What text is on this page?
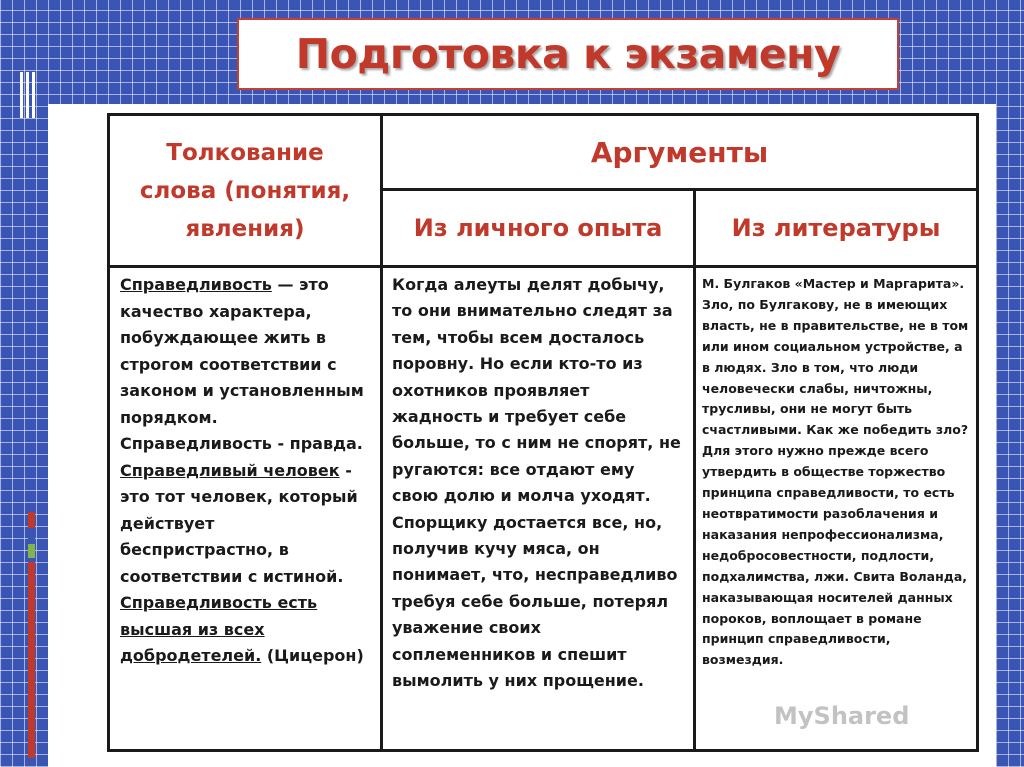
Подготовка к экзамену
Толкование
слова (понятия,
явления)
Аргументы
Из личного опыта	Из литературы
Справедливость — это качество характера, побуждающее жить в строгом соответствии с законом и установленным порядком. Справедливость - правда. Справедливый человек - это тот человек, который действует беспристрастно, в соответствии с истиной. Справедливость есть высшая из всех добродетелей. (Цицерон)
Когда алеуты делят добычу, то они внимательно следят за тем, чтобы всем досталось поровну. Но если кто-то из охотников проявляет жадность и требует себе больше, то с ним не спорят, не ругаются: все отдают ему свою долю и молча уходят. Спорщику достается все, но, получив кучу мяса, он понимает, что, несправедливо требуя себе больше, потерял уважение своих соплеменников и спешит вымолить у них прощение.
М. Булгаков «Мастер и Маргарита». Зло, по Булгакову, не в имеющих власть, не в правительстве, не в том или ином социальном устройстве, а в людях. Зло в том, что люди человечески слабы, ничтожны, трусливы, они не могут быть счастливыми. Как же победить зло? Для этого нужно прежде всего утвердить в обществе торжество принципа справедливости, то есть неотвратимости разоблачения и наказания непрофессионализма, недобросовестности, подлости, подхалимства, лжи. Свита Воланда, наказывающая носителей данных пороков, воплощает в романе принцип справедливости, возмездия.
MyShared
